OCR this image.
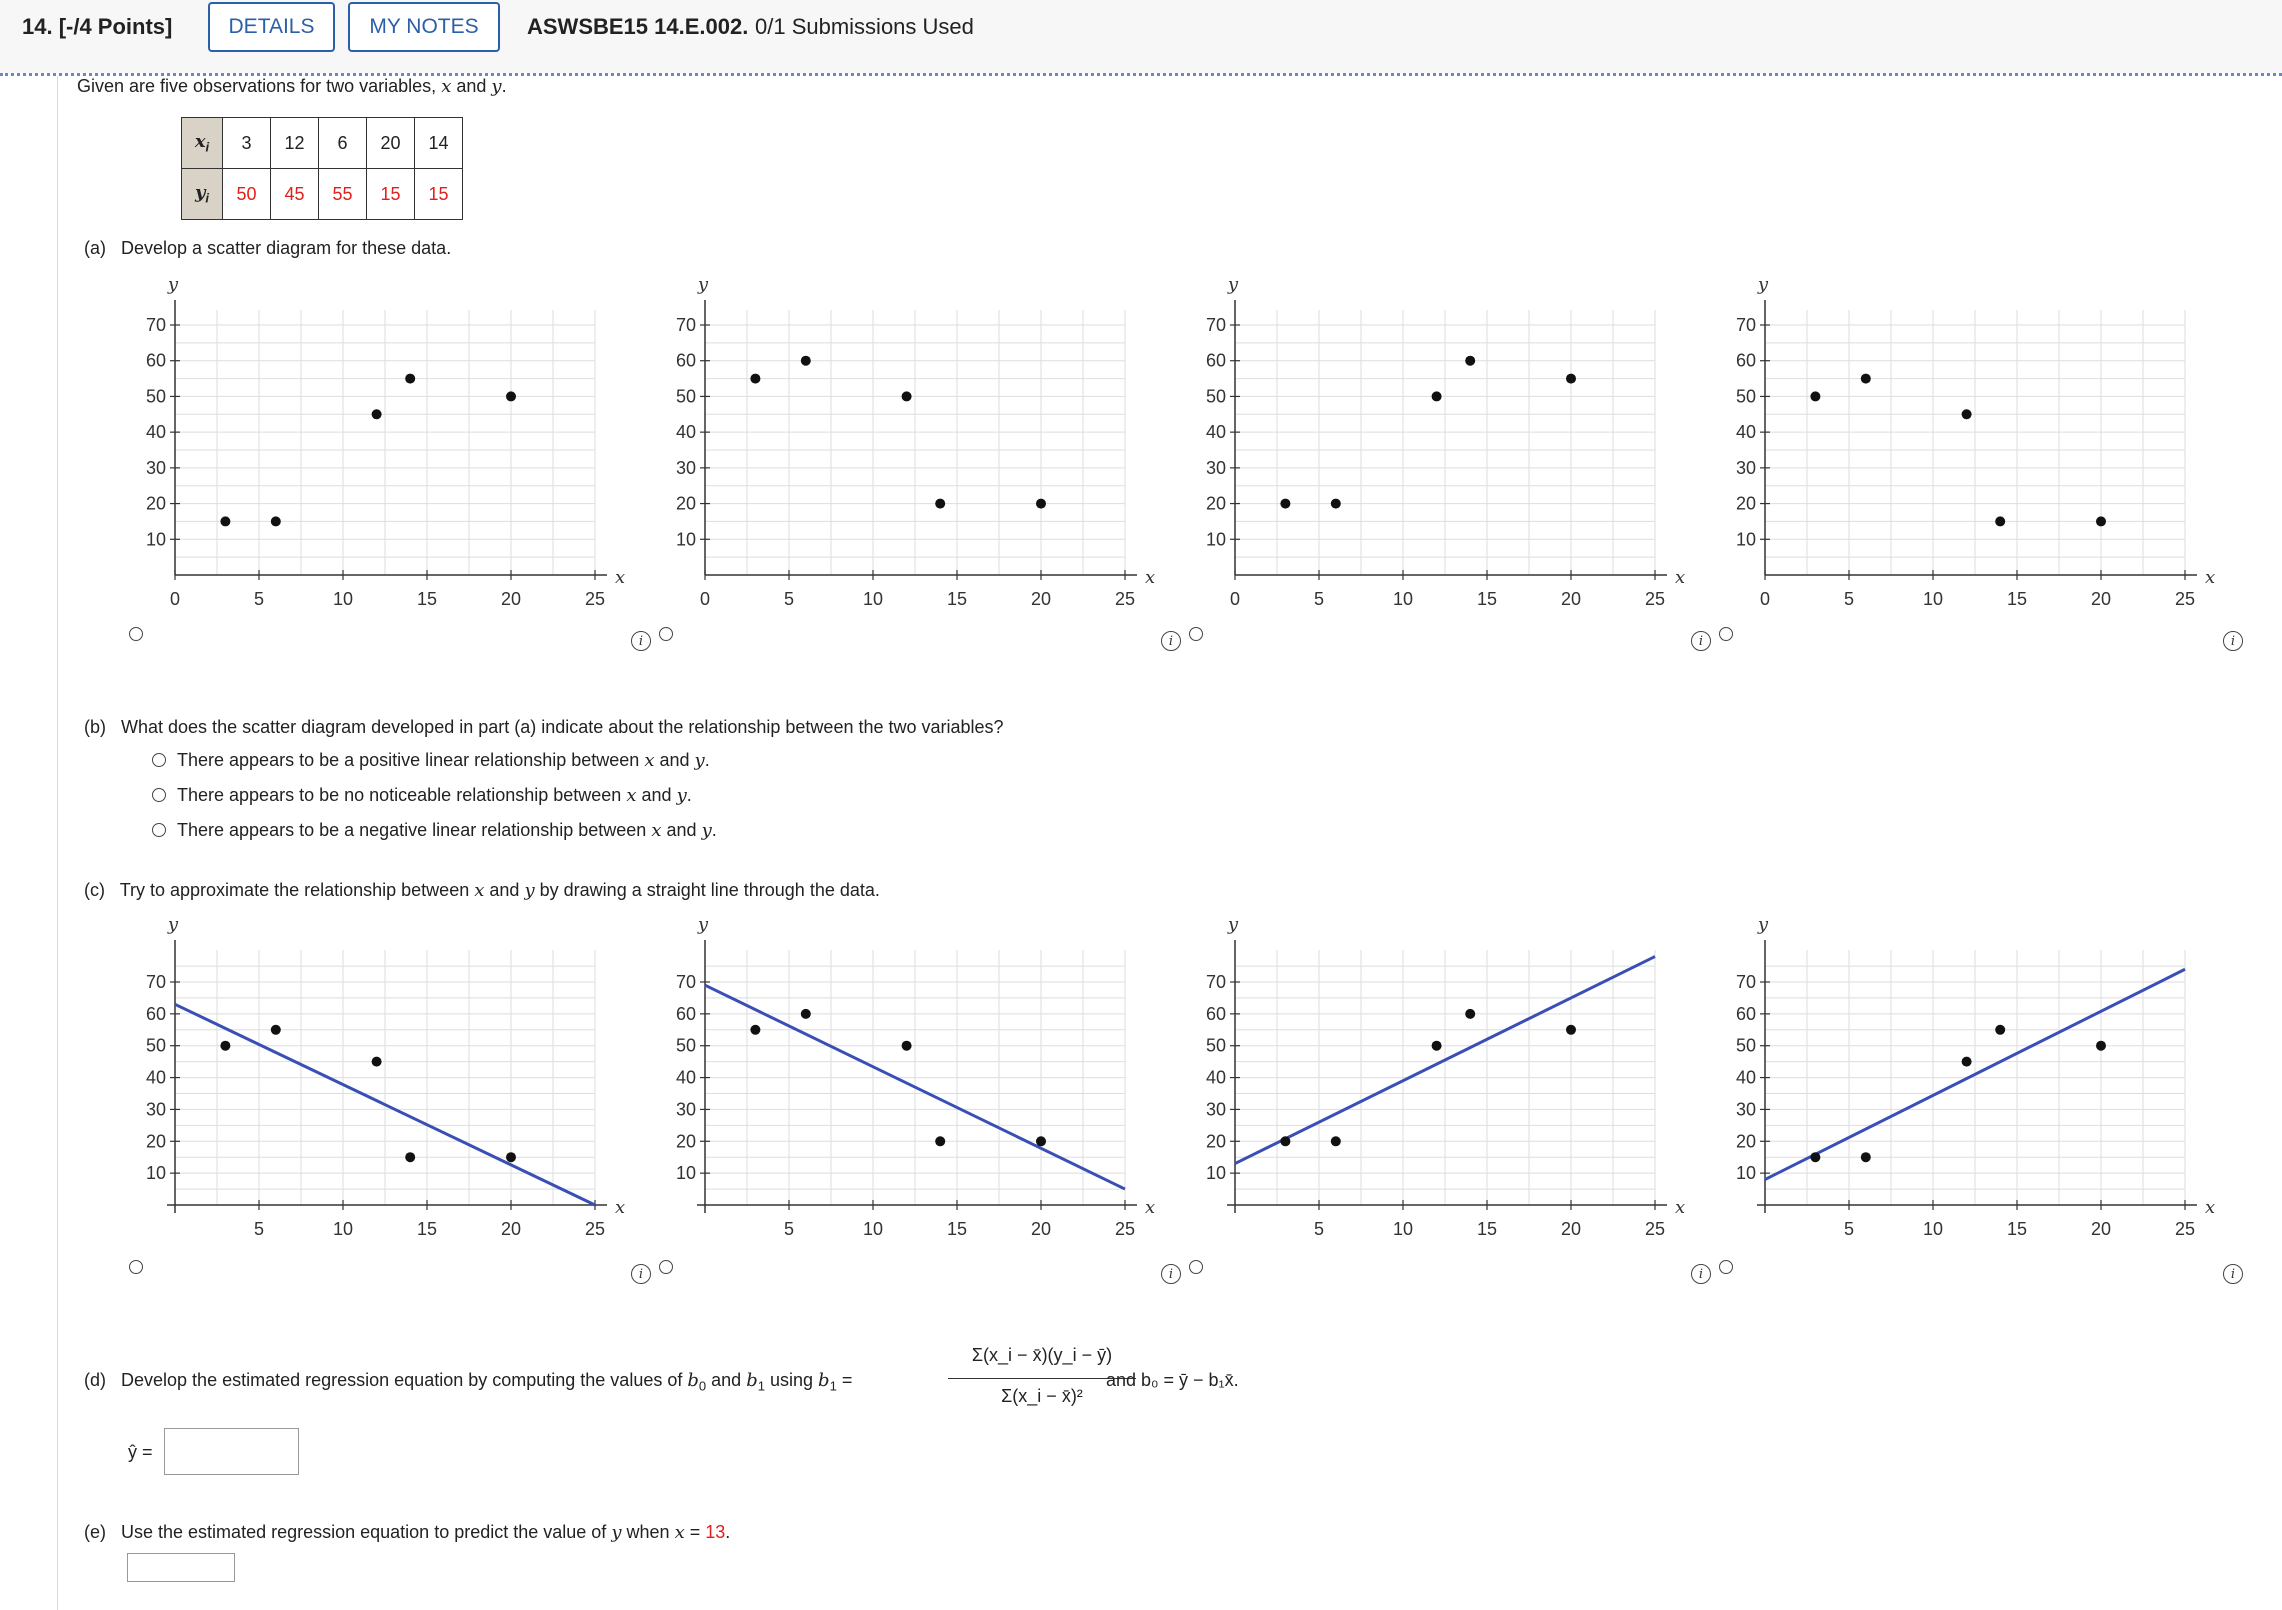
14. [-/4 Points]	DETAILS	MY NOTES	ASWSBE15 14.E.002. 0/1 Submissions Used
Given are five observations for two variables, x and y.
$x_i$	3	12	6	20	14
$y_i$	50	45	55	15	15
(a) Develop a scatter diagram for these data.
10
20
30
40
50
60
70
0	5	10	15	20	25
x
y
10
20
30
40
50
60
70
0	5	10	15	20	25
x
y
10
20
30
40
50
60
70
0	5	10	15	20	25
x
y
10
20
30
40
50
60
70
0	5	10	15	20	25
x
y
i	i	i	i
(b) What does the scatter diagram developed in part (a) indicate about the relationship between the two variables?
There appears to be a positive linear relationship between x and y.
There appears to be no noticeable relationship between x and y.
There appears to be a negative linear relationship between x and y.
(c) Try to approximate the relationship between x and y by drawing a straight line through the data.
10
20
30
40
50
60
70
5	10	15	20	25
x
y
10
20
30
40
50
60
70
5	10	15	20	25
x
y
10
20
30
40
50
60
70
5	10	15	20	25
x
y
10
20
30
40
50
60
70
5	10	15	20	25
x
y
i	i	i	i
(d) Develop the estimated regression equation by computing the values of $b_0$ and $b_1$ using $b_1$ =
Σ(x_i − x̄)(y_i − ȳ)
Σ(x_i − x̄)²
and b₀ = ȳ − b₁x̄.
ŷ =
(e) Use the estimated regression equation to predict the value of y when x = 13.
